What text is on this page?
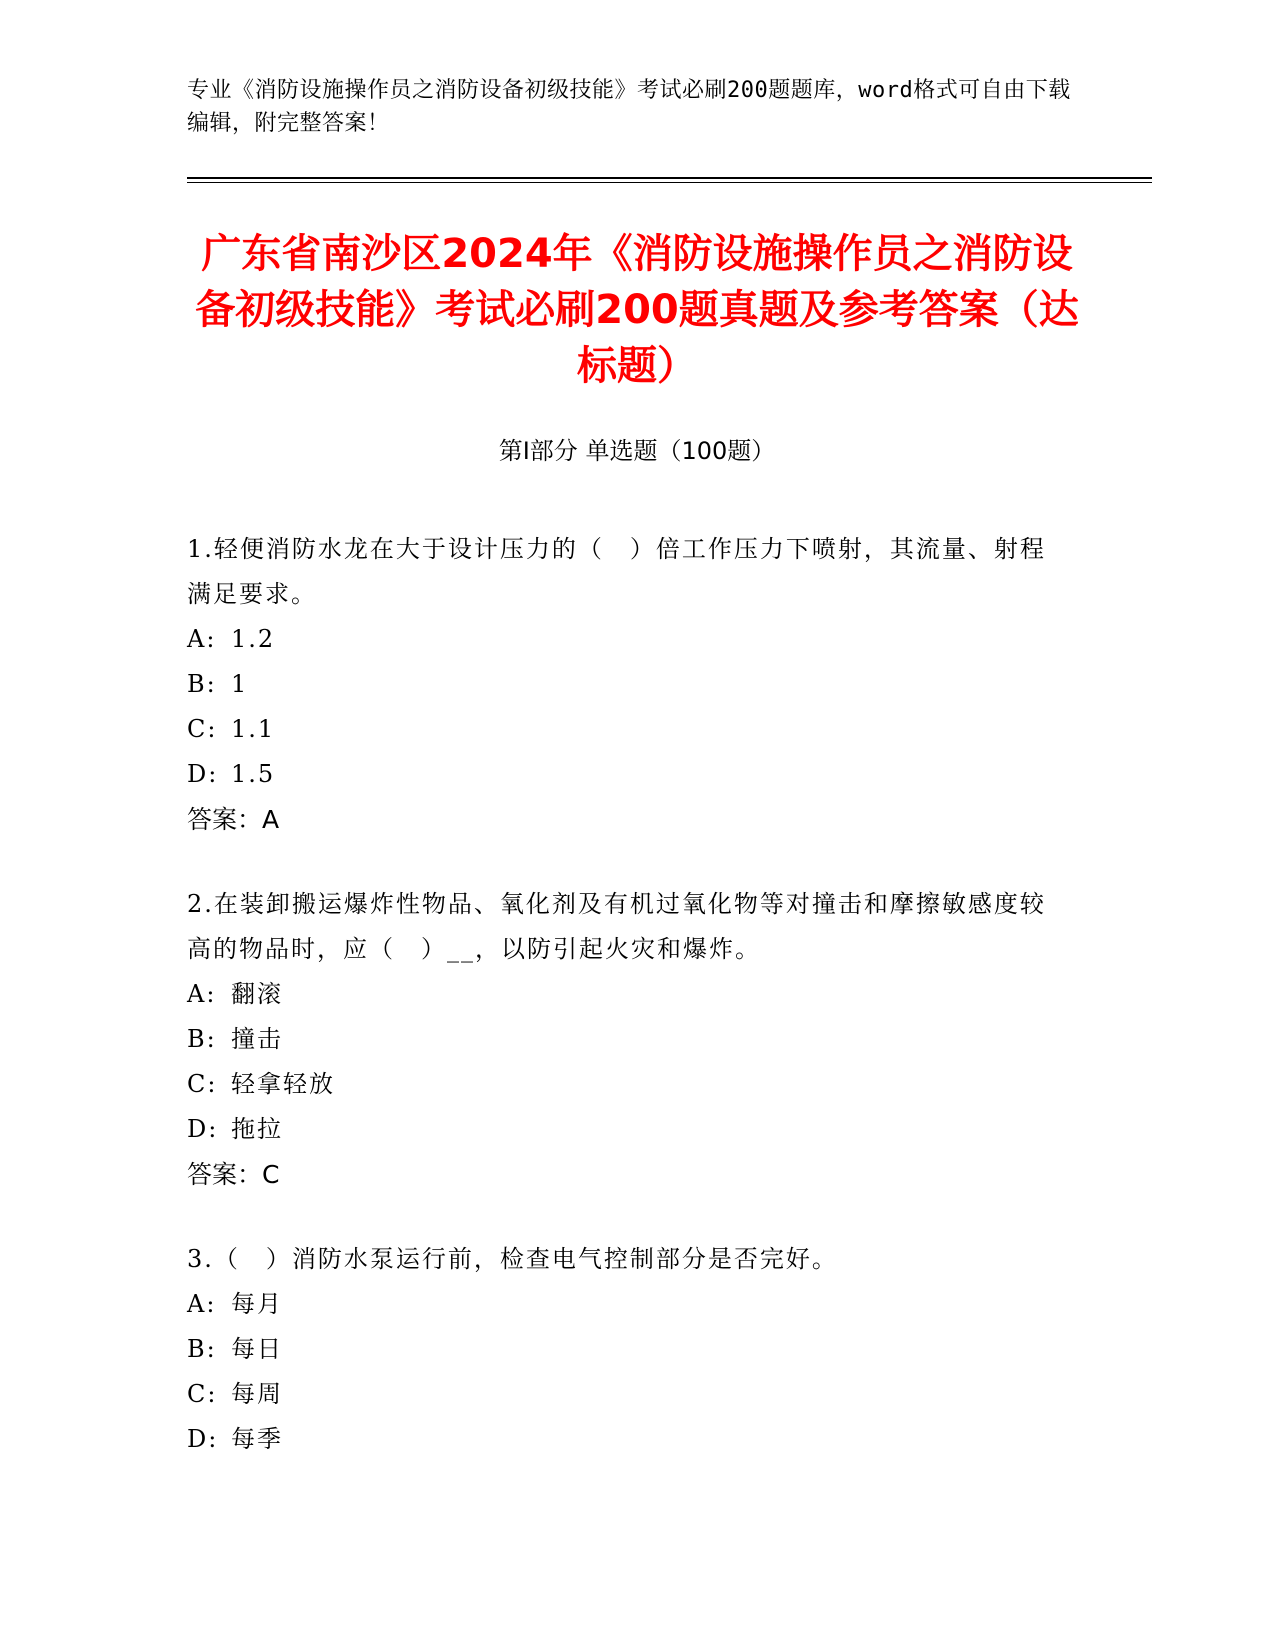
专业《消防设施操作员之消防设备初级技能》考试必刷200题题库，word格式可自由下载编辑，附完整答案！
广东省南沙区2024年《消防设施操作员之消防设备初级技能》考试必刷200题真题及参考答案（达标题）
第I部分 单选题（100题）
1.轻便消防水龙在大于设计压力的（　）倍工作压力下喷射，其流量、射程满足要求。
A: 1.2
B: 1
C: 1.1
D: 1.5
答案：A
2.在装卸搬运爆炸性物品、氧化剂及有机过氧化物等对撞击和摩擦敏感度较高的物品时，应（　）__，以防引起火灾和爆炸。
A: 翻滚
B: 撞击
C: 轻拿轻放
D: 拖拉
答案：C
3.（　）消防水泵运行前，检查电气控制部分是否完好。
A: 每月
B: 每日
C: 每周
D: 每季
